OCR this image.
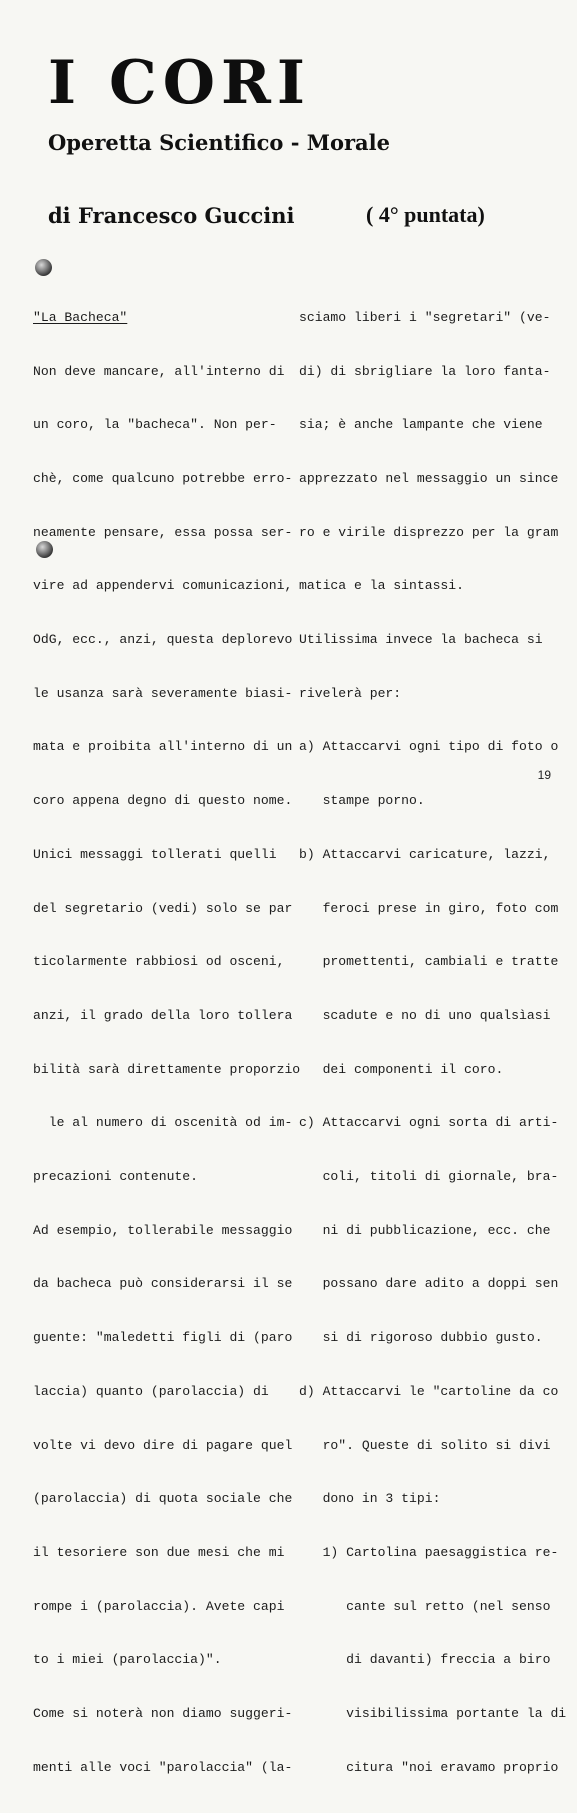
I CORI
Operetta Scientifico - Morale
di Francesco Guccini	( 4° puntata)

"La Bacheca"

Non deve mancare, all'interno di

un coro, la "bacheca". Non per-

chè, come qualcuno potrebbe erro-

neamente pensare, essa possa ser-

vire ad appendervi comunicazioni,

OdG, ecc., anzi, questa deplorevo

le usanza sarà severamente biasi-

mata e proibita all'interno di un

coro appena degno di questo nome.

Unici messaggi tollerati quelli

del segretario (vedi) solo se par

ticolarmente rabbiosi od osceni,

anzi, il grado della loro tollera

bilità sarà direttamente proporzio

le al numero di oscenità od im-

precazioni contenute.

Ad esempio, tollerabile messaggio

da bacheca può considerarsi il se

guente: "maledetti figli di (paro

laccia) quanto (parolaccia) di

volte vi devo dire di pagare quel

(parolaccia) di quota sociale che

il tesoriere son due mesi che mi

rompe i (parolaccia). Avete capi

to i miei (parolaccia)".

Come si noterà non diamo suggeri-

menti alle voci "parolaccia" (la-

sciamo liberi i "segretari" (ve-

di) di sbrigliare la loro fanta-

sia; è anche lampante che viene

apprezzato nel messaggio un since

ro e virile disprezzo per la gram

matica e la sintassi.

Utilissima invece la bacheca si

rivelerà per:

a) Attaccarvi ogni tipo di foto o

stampe porno.

b) Attaccarvi caricature, lazzi,

feroci prese in giro, foto com

promettenti, cambiali e tratte

scadute e no di uno qualsìasi

dei componenti il coro.

c) Attaccarvi ogni sorta di arti-

coli, titoli di giornale, bra-

ni di pubblicazione, ecc. che

possano dare adito a doppi sen

si di rigoroso dubbio gusto.

d) Attaccarvi le "cartoline da co

ro". Queste di solito si divi

dono in 3 tipi:

1) Cartolina paesaggistica re-

cante sul retto (nel senso

di davanti) freccia a biro

visibilissima portante la di

citura "noi eravamo proprio

19
